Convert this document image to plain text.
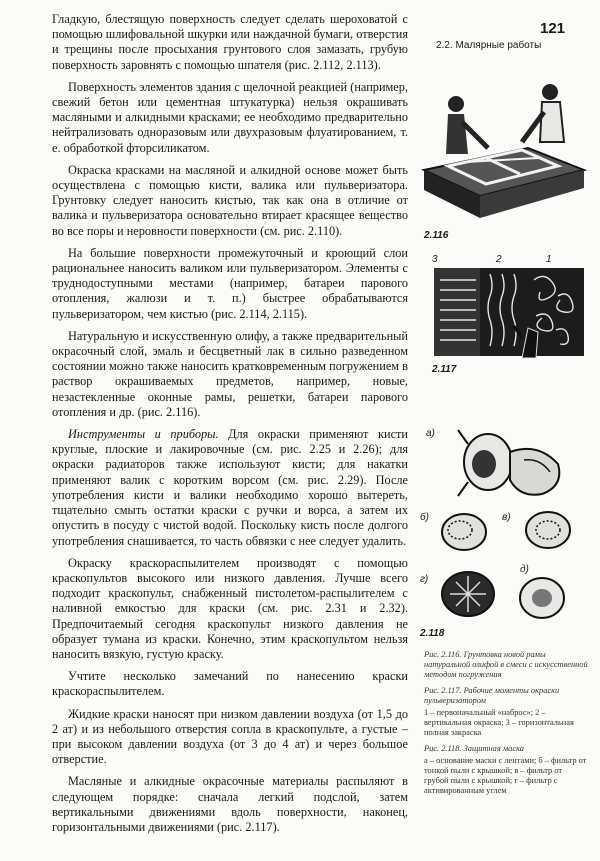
121
2.2. Малярные работы

Гладкую, блестящую поверхность следует сделать шероховатой с помощью шлифовальной шкурки или наждачной бумаги, отверстия и трещины после просыхания грунтового слоя замазать, грубую поверхность заровнять с помощью шпателя (рис. 2.112, 2.113).

Поверхность элементов здания с щелочной реакцией (например, свежий бетон или цементная штукатурка) нельзя окрашивать масляными и алкидными красками; ее необходимо предварительно нейтрализовать одноразовым или двухразовым флуатированием, т. е. обработкой фторсиликатом.

Окраска красками на масляной и алкидной основе может быть осуществлена с помощью кисти, валика или пульверизатора. Грунтовку следует наносить кистью, так как она в отличие от валика и пульверизатора основательно втирает красящее вещество во все поры и неровности поверхности (см. рис. 2.110).

На большие поверхности промежуточный и кроющий слои рациональнее наносить валиком или пульверизатором. Элементы с труднодоступными местами (например, батареи парового отопления, жалюзи и т. п.) быстрее обрабатываются пульверизатором, чем кистью (рис. 2.114, 2.115).

Натуральную и искусственную олифу, а также предварительный окрасочный слой, эмаль и бесцветный лак в сильно разведенном состоянии можно также наносить кратковременным погружением в раствор окрашиваемых предметов, например, новые, незастекленные оконные рамы, решетки, батареи парового отопления и др. (рис. 2.116).

Инструменты и приборы. Для окраски применяют кисти круглые, плоские и лакировочные (см. рис. 2.25 и 2.26); для окраски радиаторов также используют кисти; для накатки применяют валик с коротким ворсом (см. рис. 2.29). После употребления кисти и валики необходимо хорошо вытереть, тщательно смыть остатки краски с ручки и ворса, а затем их опустить в посуду с чистой водой. Поскольку кисть после долгого употребления снашивается, то часть обвязки с нее следует удалить.

Окраску краскораспылителем производят с помощью краскопультов высокого или низкого давления. Лучше всего подходит краскопульт, снабженный пистолетом-распылителем с наливной емкостью для краски (см. рис. 2.31 и 2.32). Предпочитаемый сегодня краскопульт низкого давления не образует тумана из краски. Конечно, этим краскопультом нельзя наносить вязкую, густую краску.

Учтите несколько замечаний по нанесению краски краскораспылителем.

Жидкие краски наносят при низком давлении воздуха (от 1,5 до 2 ат) и из небольшого отверстия сопла в краскопульте, а густые – при высоком давлении воздуха (от 3 до 4 ат) и через большое отверстие.

Масляные и алкидные окрасочные материалы распыляют в следующем порядке: сначала легкий подслой, затем вертикальными движениями вдоль поверхности, наконец, горизонтальными движениями (рис. 2.117).

2.116
3	2	1
2.117
а)
б)	в)
г)
д)
2.118

Рис. 2.116. Грунтовка новой рамы натуральной олифой в смеси с искусственной методом погружения

Рис. 2.117. Рабочие моменты окраски пульверизатором

1 – первоначальный «наброс»; 2 – вертикальная окраска; 3 – горизонтальная полная закраска

Рис. 2.118. Защитная маска

а – основание маски с лентами; б – фильтр от тонкой пыли с крышкой; в – фильтр от грубой пыли с крышкой; г – фильтр с активированным углем
